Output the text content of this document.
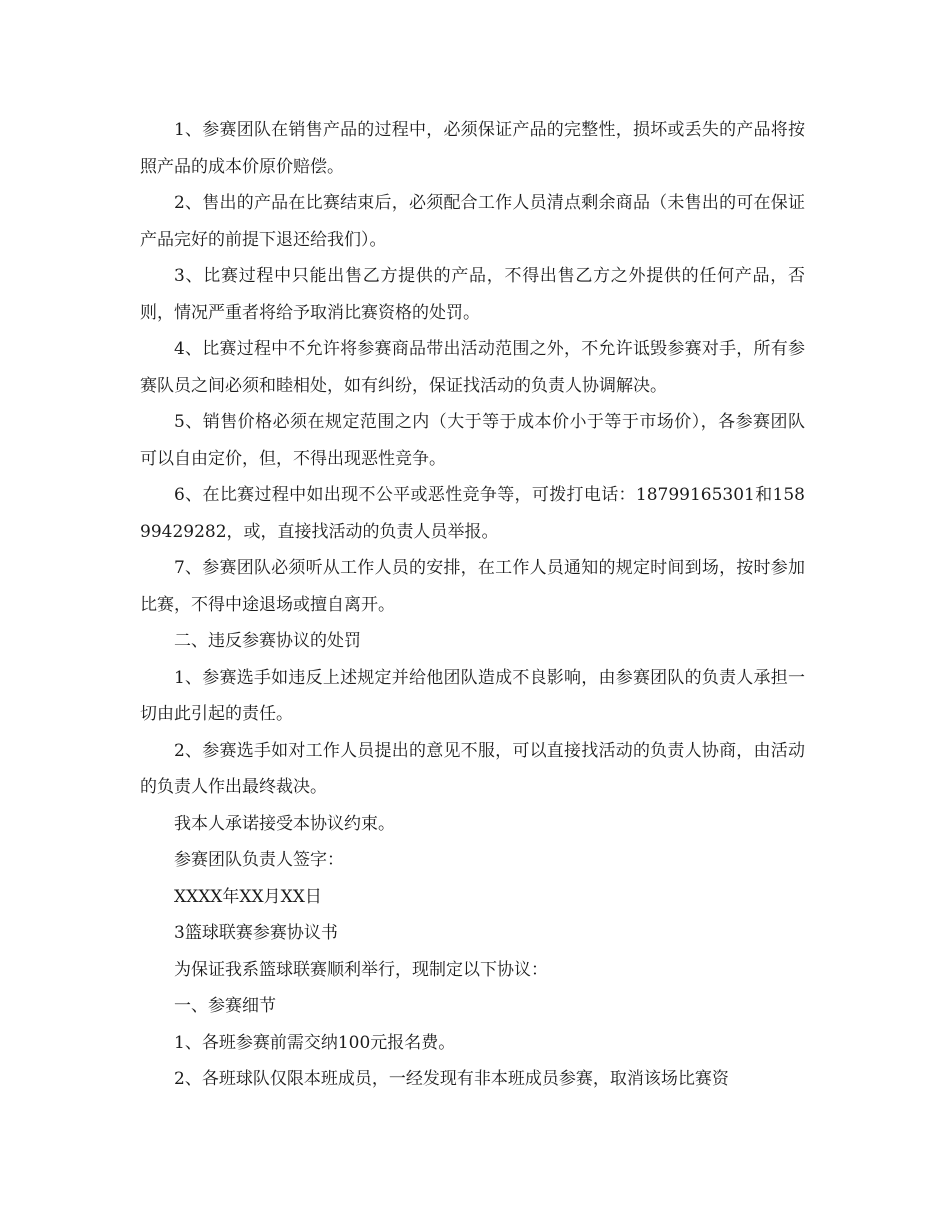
1、参赛团队在销售产品的过程中，必须保证产品的完整性，损坏或丢失的产品将按照产品的成本价原价赔偿。

2、售出的产品在比赛结束后，必须配合工作人员清点剩余商品（未售出的可在保证产品完好的前提下退还给我们）。

3、比赛过程中只能出售乙方提供的产品，不得出售乙方之外提供的任何产品，否则，情况严重者将给予取消比赛资格的处罚。

4、比赛过程中不允许将参赛商品带出活动范围之外，不允许诋毁参赛对手，所有参赛队员之间必须和睦相处，如有纠纷，保证找活动的负责人协调解决。

5、销售价格必须在规定范围之内（大于等于成本价小于等于市场价），各参赛团队可以自由定价，但，不得出现恶性竞争。

6、在比赛过程中如出现不公平或恶性竞争等，可拨打电话：18799165301和15899429282，或，直接找活动的负责人员举报。

7、参赛团队必须听从工作人员的安排，在工作人员通知的规定时间到场，按时参加比赛，不得中途退场或擅自离开。

二、违反参赛协议的处罚

1、参赛选手如违反上述规定并给他团队造成不良影响，由参赛团队的负责人承担一切由此引起的责任。

2、参赛选手如对工作人员提出的意见不服，可以直接找活动的负责人协商，由活动的负责人作出最终裁决。

我本人承诺接受本协议约束。

参赛团队负责人签字：

XXXX年XX月XX日

3篮球联赛参赛协议书

为保证我系篮球联赛顺利举行，现制定以下协议：

一、参赛细节

1、各班参赛前需交纳100元报名费。

2、各班球队仅限本班成员，一经发现有非本班成员参赛，取消该场比赛资
